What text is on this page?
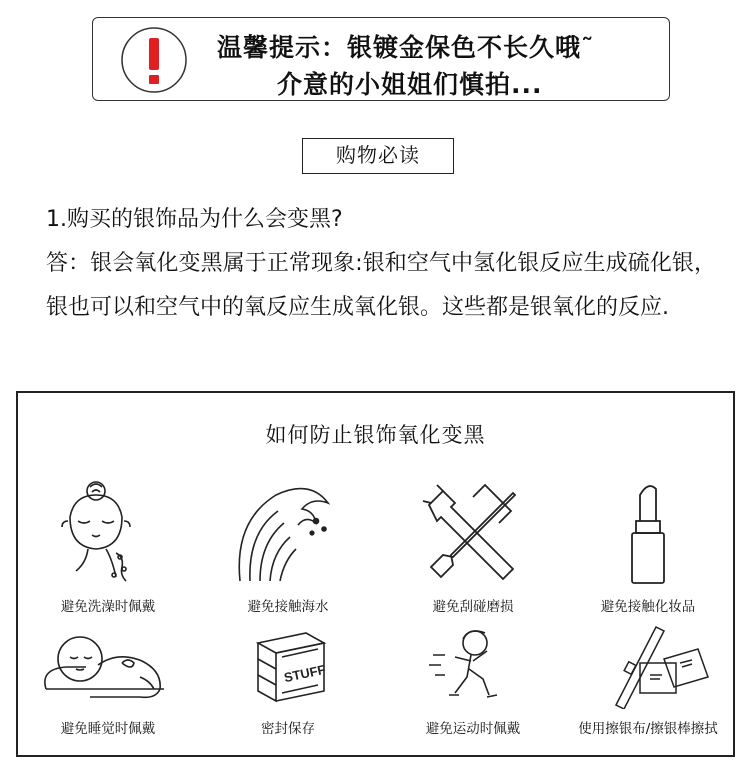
温馨提示：银镀金保色不长久哦˜
介意的小姐姐们慎拍...
购物必读
1.购买的银饰品为什么会变黑?
答：银会氧化变黑属于正常现象:银和空气中氢化银反应生成硫化银，银也可以和空气中的氧反应生成氧化银。这些都是银氧化的反应.
如何防止银饰氧化变黑
避免洗澡时佩戴	避免接触海水	避免刮碰磨损	避免接触化妆品
避免睡觉时佩戴
STUFF
密封保存	避免运动时佩戴	使用擦银布/擦银棒擦拭
